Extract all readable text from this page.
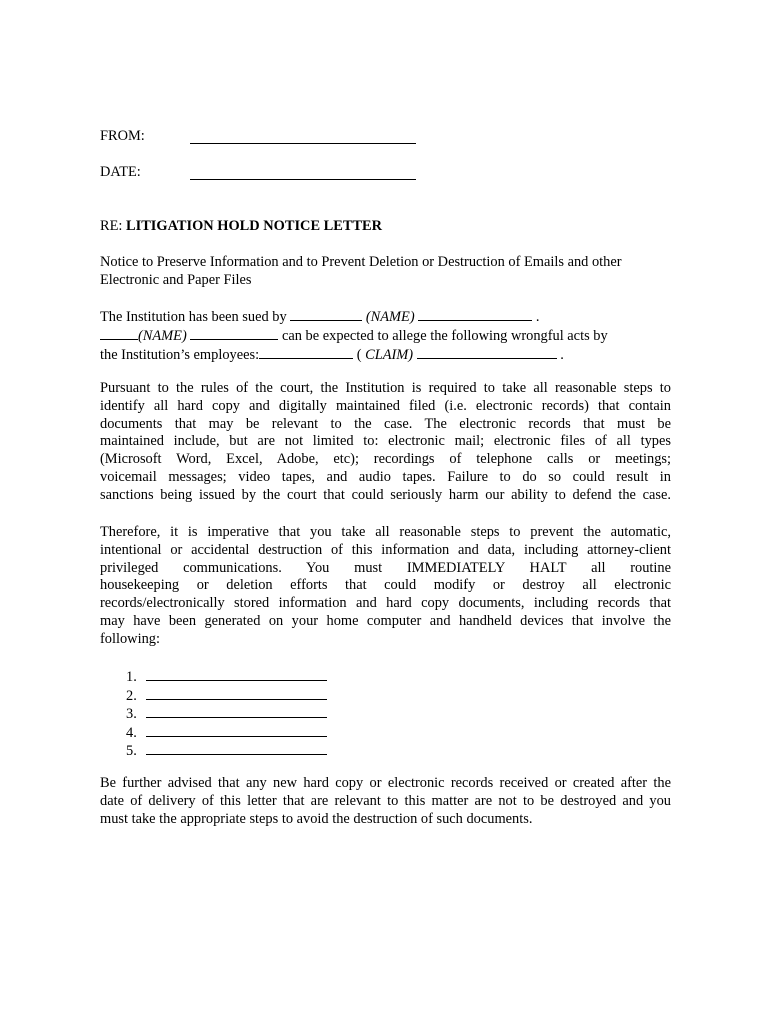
FROM:
DATE:
RE: LITIGATION HOLD NOTICE LETTER
Notice to Preserve Information and to Prevent Deletion or Destruction of Emails and other
Electronic and Paper Files
The Institution has been sued by	(NAME)	.
(NAME)	can be expected to allege the following wrongful acts by
the Institution’s employees:	( CLAIM)	.
Pursuant to the rules of the court, the Institution is required to take all reasonable steps to
identify all hard copy and digitally maintained filed (i.e. electronic records) that contain
documents that may be relevant to the case. The electronic records that must be
maintained include, but are not limited to: electronic mail; electronic files of all types
(Microsoft Word, Excel, Adobe, etc); recordings of telephone calls or meetings;
voicemail messages; video tapes, and audio tapes. Failure to do so could result in
sanctions being issued by the court that could seriously harm our ability to defend the case.
Therefore, it is imperative that you take all reasonable steps to prevent the automatic,
intentional or accidental destruction of this information and data, including attorney-client
privileged communications. You must IMMEDIATELY HALT all routine
housekeeping or deletion efforts that could modify or destroy all electronic
records/electronically stored information and hard copy documents, including records that
may have been generated on your home computer and handheld devices that involve the
following:
1.
2.
3.
4.
5.
Be further advised that any new hard copy or electronic records received or created after the
date of delivery of this letter that are relevant to this matter are not to be destroyed and you
must take the appropriate steps to avoid the destruction of such documents.
